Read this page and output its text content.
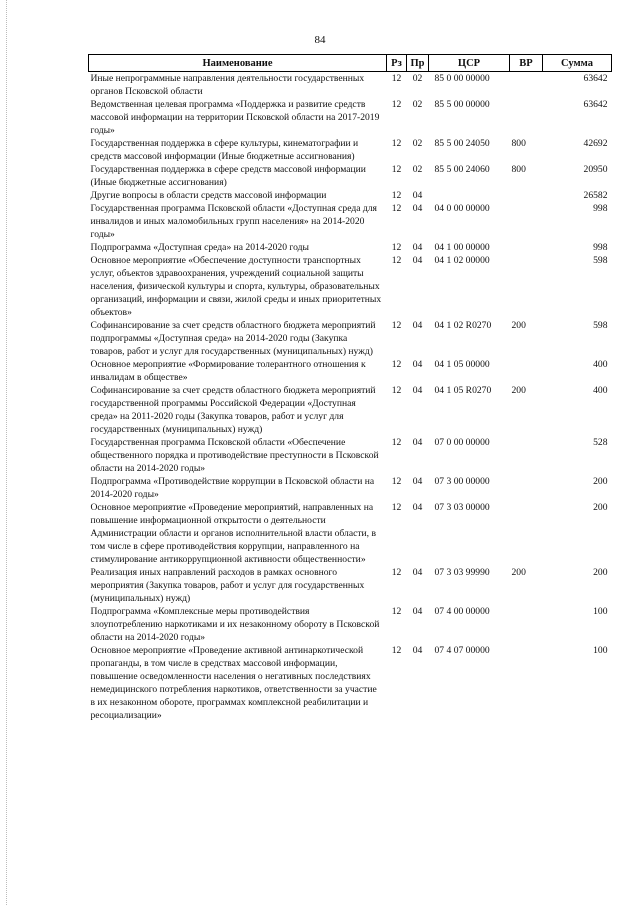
84
Наименование	Рз	Пр	ЦСР	ВР	Сумма
Иные непрограммные направления деятельности государственных органов Псковской области	12	02	85 0 00 00000		63642
Ведомственная целевая программа «Поддержка и развитие средств массовой информации на территории Псковской области на 2017-2019 годы»	12	02	85 5 00 00000		63642
Государственная поддержка в сфере культуры, кинематографии и средств массовой информации (Иные бюджетные ассигнования)	12	02	85 5 00 24050	800	42692
Государственная поддержка в сфере средств массовой информации (Иные бюджетные ассигнования)	12	02	85 5 00 24060	800	20950
Другие вопросы в области средств массовой информации	12	04			26582
Государственная программа Псковской области «Доступная среда для инвалидов и иных маломобильных групп населения» на 2014-2020 годы»	12	04	04 0 00 00000		998
Подпрограмма «Доступная среда» на 2014-2020 годы	12	04	04 1 00 00000		998
Основное мероприятие «Обеспечение доступности транспортных услуг, объектов здравоохранения, учреждений социальной защиты населения, физической культуры и спорта, культуры, образовательных организаций, информации и связи, жилой среды и иных приоритетных объектов»	12	04	04 1 02 00000		598
Софинансирование за счет средств областного бюджета мероприятий подпрограммы «Доступная среда» на 2014-2020 годы (Закупка товаров, работ и услуг для государственных (муниципальных) нужд)	12	04	04 1 02 R0270	200	598
Основное мероприятие «Формирование толерантного отношения к инвалидам в обществе»	12	04	04 1 05 00000		400
Софинансирование за счет средств областного бюджета мероприятий государственной программы Российской Федерации «Доступная среда» на 2011-2020 годы (Закупка товаров, работ и услуг для государственных (муниципальных) нужд)	12	04	04 1 05 R0270	200	400
Государственная программа Псковской области «Обеспечение общественного порядка и противодействие преступности в Псковской области на 2014-2020 годы»	12	04	07 0 00 00000		528
Подпрограмма «Противодействие коррупции в Псковской области на 2014-2020 годы»	12	04	07 3 00 00000		200
Основное мероприятие «Проведение мероприятий, направленных на повышение информационной открытости о деятельности Администрации области и органов исполнительной власти области, в том числе в сфере противодействия коррупции, направленного на стимулирование антикоррупционной активности общественности»	12	04	07 3 03 00000		200
Реализация иных направлений расходов в рамках основного мероприятия (Закупка товаров, работ и услуг для государственных (муниципальных) нужд)	12	04	07 3 03 99990	200	200
Подпрограмма «Комплексные меры противодействия злоупотреблению наркотиками и их незаконному обороту в Псковской области на 2014-2020 годы»	12	04	07 4 00 00000		100
Основное мероприятие «Проведение активной антинаркотической пропаганды, в том числе в средствах массовой информации, повышение осведомленности населения о негативных последствиях немедицинского потребления наркотиков, ответственности за участие в их незаконном обороте, программах комплексной реабилитации и ресоциализации»	12	04	07 4 07 00000		100
